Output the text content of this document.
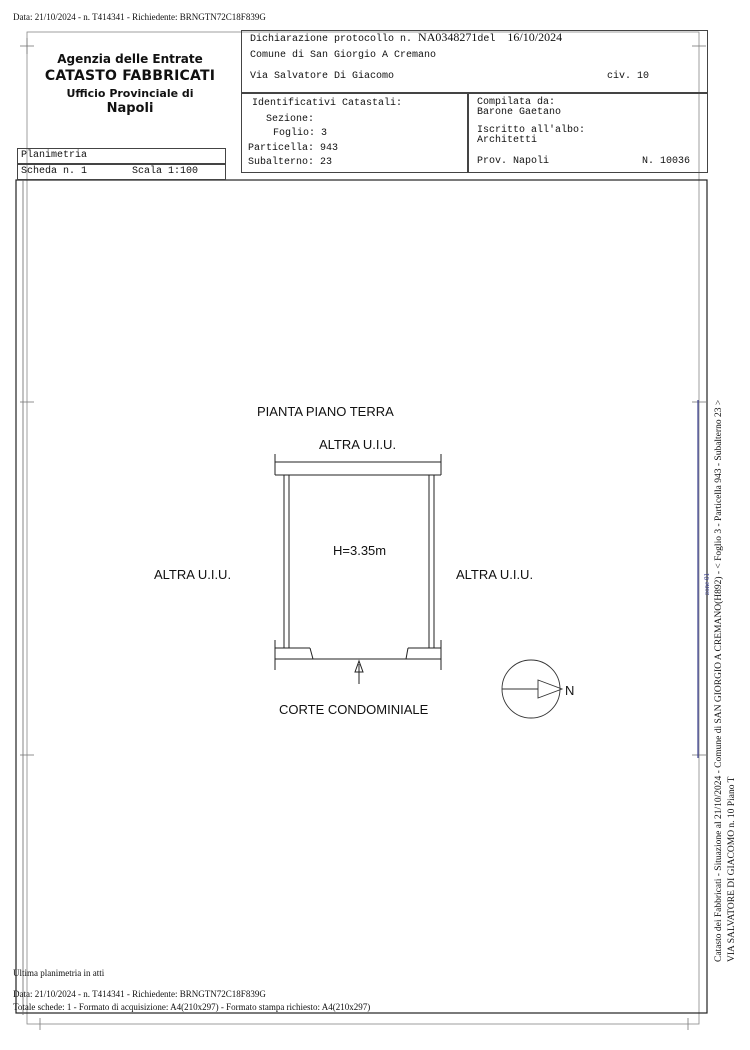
Data: 21/10/2024 - n. T414341 - Richiedente: BRNGTN72C18F839G
Agenzia delle Entrate
CATASTO FABBRICATI
Ufficio Provinciale di
Napoli
Dichiarazione protocollo n. NA0348271del 16/10/2024
Comune di San Giorgio A Cremano
Via Salvatore Di Giacomo	civ. 10
Identificativi Catastali:
Sezione:
Foglio: 3
Particella: 943
Subalterno: 23
Compilata da:
Barone Gaetano
Iscritto all'albo:
Architetti
Prov. Napoli	N. 10036
Planimetria
Scheda n. 1	Scala 1:100
PIANTA PIANO TERRA
ALTRA U.I.U.
ALTRA U.I.U.	ALTRA U.I.U.
H=3.35m
CORTE CONDOMINIALE
N	Catasto dei Fabbricati - Situazione al 21/10/2024 - Comune di SAN GIORGIO A CREMANO(H892) - < Foglio 3 - Particella 943 - Subalterno 23 > VIA SALVATORE DI GIACOMO n. 10 Piano T
zone 01
Ultima planimetria in atti
Data: 21/10/2024 - n. T414341 - Richiedente: BRNGTN72C18F839G
Totale schede: 1 - Formato di acquisizione: A4(210x297) - Formato stampa richiesto: A4(210x297)
